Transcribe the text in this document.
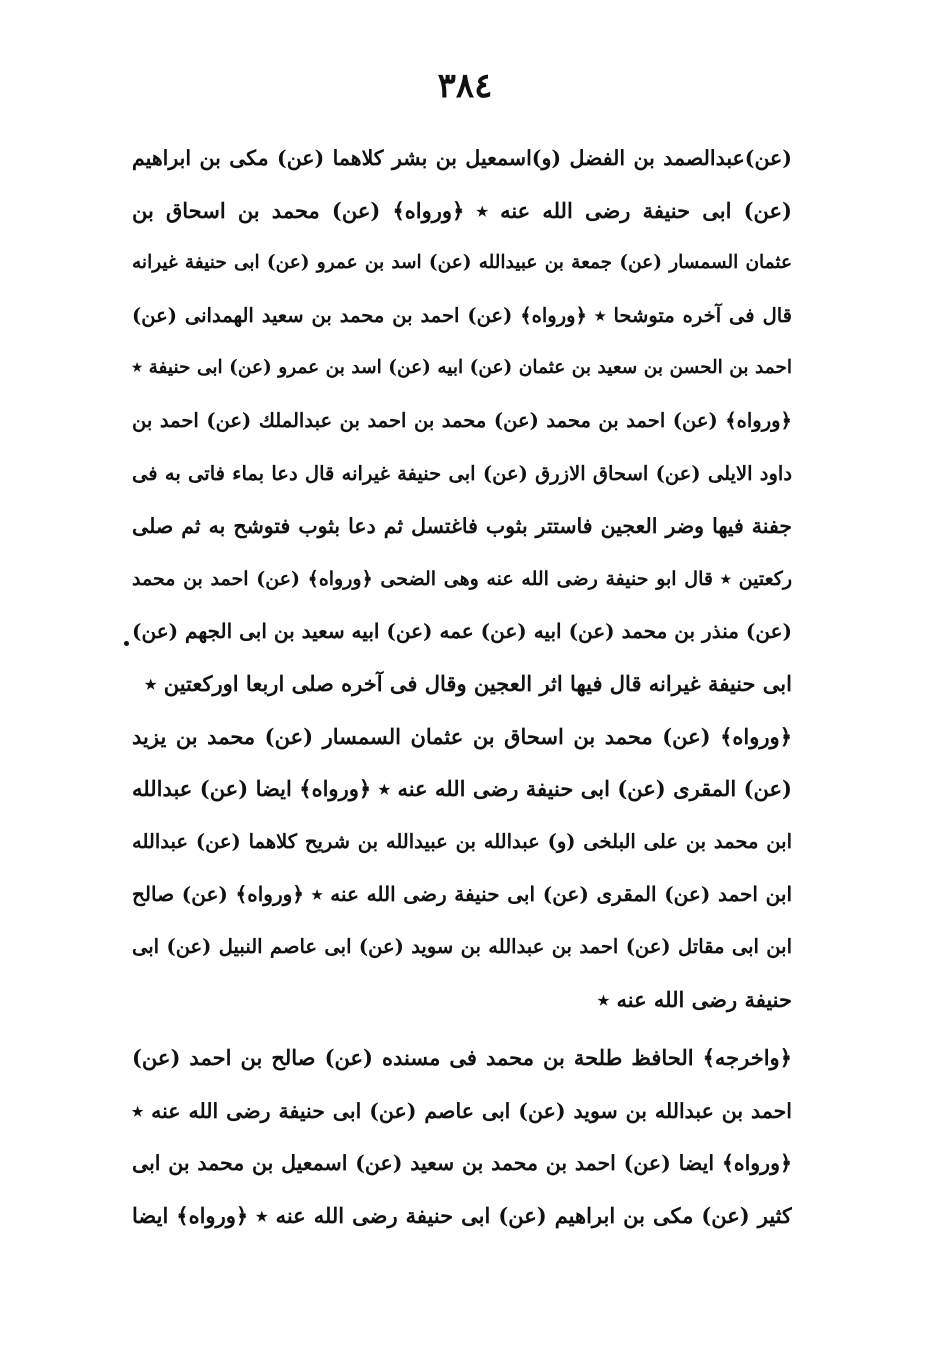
٣٨٤
(عن)عبدالصمد بن الفضل (و)اسمعيل بن بشر كلاهما (عن) مكى بن ابراهيم
(عن) ابى حنيفة رضى الله عنه ٭ ﴿ورواه﴾ (عن) محمد بن اسحاق بن
عثمان السمسار (عن) جمعة بن عبيدالله (عن) اسد بن عمرو (عن) ابى حنيفة غيرانه
قال فى آخره متوشحا ٭ ﴿ورواه﴾ (عن) احمد بن محمد بن سعيد الهمدانى (عن)
احمد بن الحسن بن سعيد بن عثمان (عن) ابيه (عن) اسد بن عمرو (عن) ابى حنيفة ٭
﴿ورواه﴾ (عن) احمد بن محمد (عن) محمد بن احمد بن عبدالملك (عن) احمد بن
داود الايلى (عن) اسحاق الازرق (عن) ابى حنيفة غيرانه قال دعا بماء فاتى به فى
جفنة فيها وضر العجين فاستتر بثوب فاغتسل ثم دعا بثوب فتوشح به ثم صلى
ركعتين ٭ قال ابو حنيفة رضى الله عنه وهى الضحى ﴿ورواه﴾ (عن) احمد بن محمد
(عن) منذر بن محمد (عن) ابيه (عن) عمه (عن) ابيه سعيد بن ابى الجهم (عن)
ابى حنيفة غيرانه قال فيها اثر العجين وقال فى آخره صلى اربعا اوركعتين ٭
﴿ورواه﴾ (عن) محمد بن اسحاق بن عثمان السمسار (عن) محمد بن يزيد
(عن) المقرى (عن) ابى حنيفة رضى الله عنه ٭ ﴿ورواه﴾ ايضا (عن) عبدالله
ابن محمد بن على البلخى (و) عبدالله بن عبيدالله بن شريح كلاهما (عن) عبدالله
ابن احمد (عن) المقرى (عن) ابى حنيفة رضى الله عنه ٭ ﴿ورواه﴾ (عن) صالح
ابن ابى مقاتل (عن) احمد بن عبدالله بن سويد (عن) ابى عاصم النبيل (عن) ابى
حنيفة رضى الله عنه ٭
﴿واخرجه﴾ الحافظ طلحة بن محمد فى مسنده (عن) صالح بن احمد (عن)
احمد بن عبدالله بن سويد (عن) ابى عاصم (عن) ابى حنيفة رضى الله عنه ٭
﴿ورواه﴾ ايضا (عن) احمد بن محمد بن سعيد (عن) اسمعيل بن محمد بن ابى
كثير (عن) مكى بن ابراهيم (عن) ابى حنيفة رضى الله عنه ٭ ﴿ورواه﴾ ايضا
